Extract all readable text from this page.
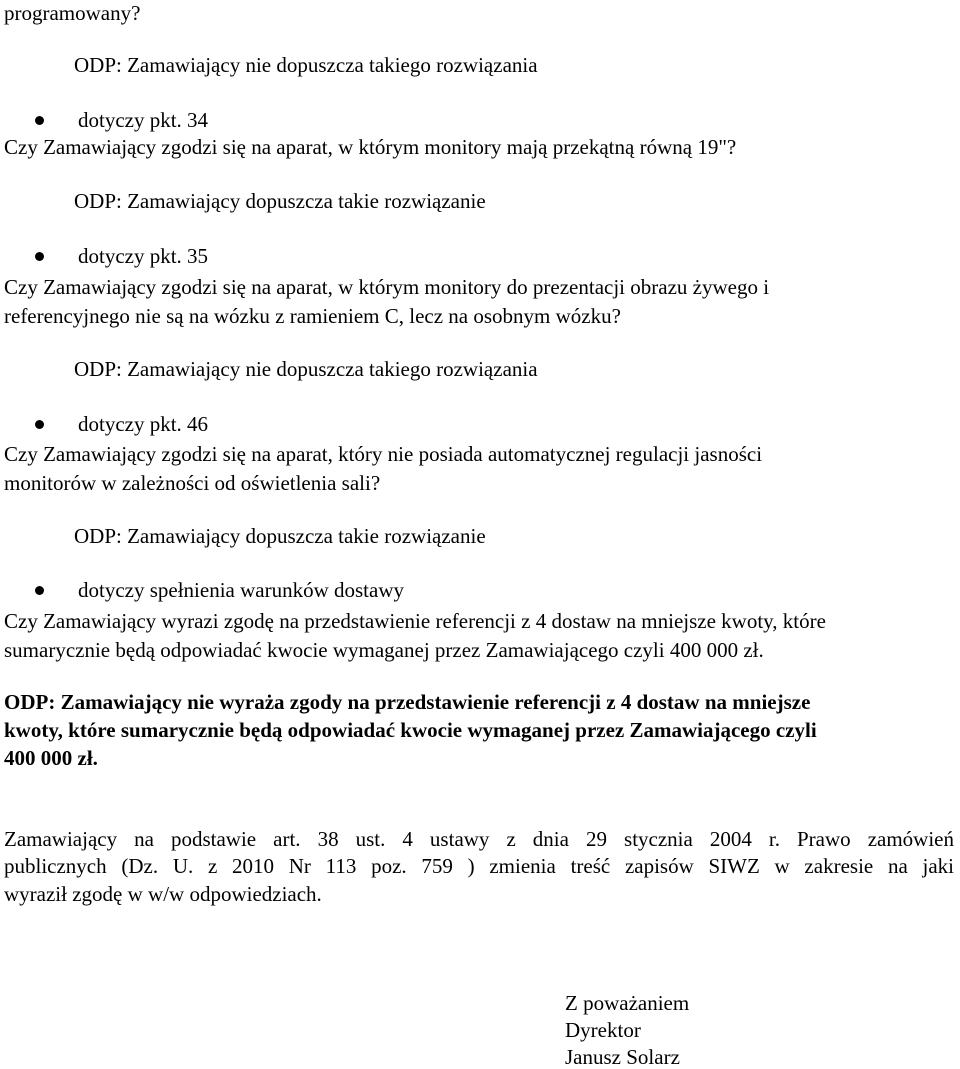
programowany?
ODP: Zamawiający nie dopuszcza takiego rozwiązania
dotyczy pkt. 34
Czy Zamawiający zgodzi się na aparat, w którym monitory mają przekątną równą 19"?
ODP: Zamawiający dopuszcza takie rozwiązanie
dotyczy pkt. 35
Czy Zamawiający zgodzi się na aparat, w którym monitory do prezentacji obrazu żywego i
referencyjnego nie są na wózku z ramieniem C, lecz na osobnym wózku?
ODP: Zamawiający nie dopuszcza takiego rozwiązania
dotyczy pkt. 46
Czy Zamawiający zgodzi się na aparat, który nie posiada automatycznej regulacji jasności
monitorów w zależności od oświetlenia sali?
ODP: Zamawiający dopuszcza takie rozwiązanie
dotyczy spełnienia warunków dostawy
Czy Zamawiający wyrazi zgodę na przedstawienie referencji z 4 dostaw na mniejsze kwoty, które
sumarycznie będą odpowiadać kwocie wymaganej przez Zamawiającego czyli 400 000 zł.
ODP: Zamawiający nie wyraża zgody na przedstawienie referencji z 4 dostaw na mniejsze
kwoty, które sumarycznie będą odpowiadać kwocie wymaganej przez Zamawiającego czyli
400 000 zł.
Zamawiający na podstawie art. 38 ust. 4 ustawy z dnia 29 stycznia 2004 r. Prawo zamówień
publicznych (Dz. U. z 2010 Nr 113 poz. 759 ) zmienia treść zapisów SIWZ w zakresie na jaki
wyraził zgodę w w/w odpowiedziach.
Z poważaniem
Dyrektor
Janusz Solarz
